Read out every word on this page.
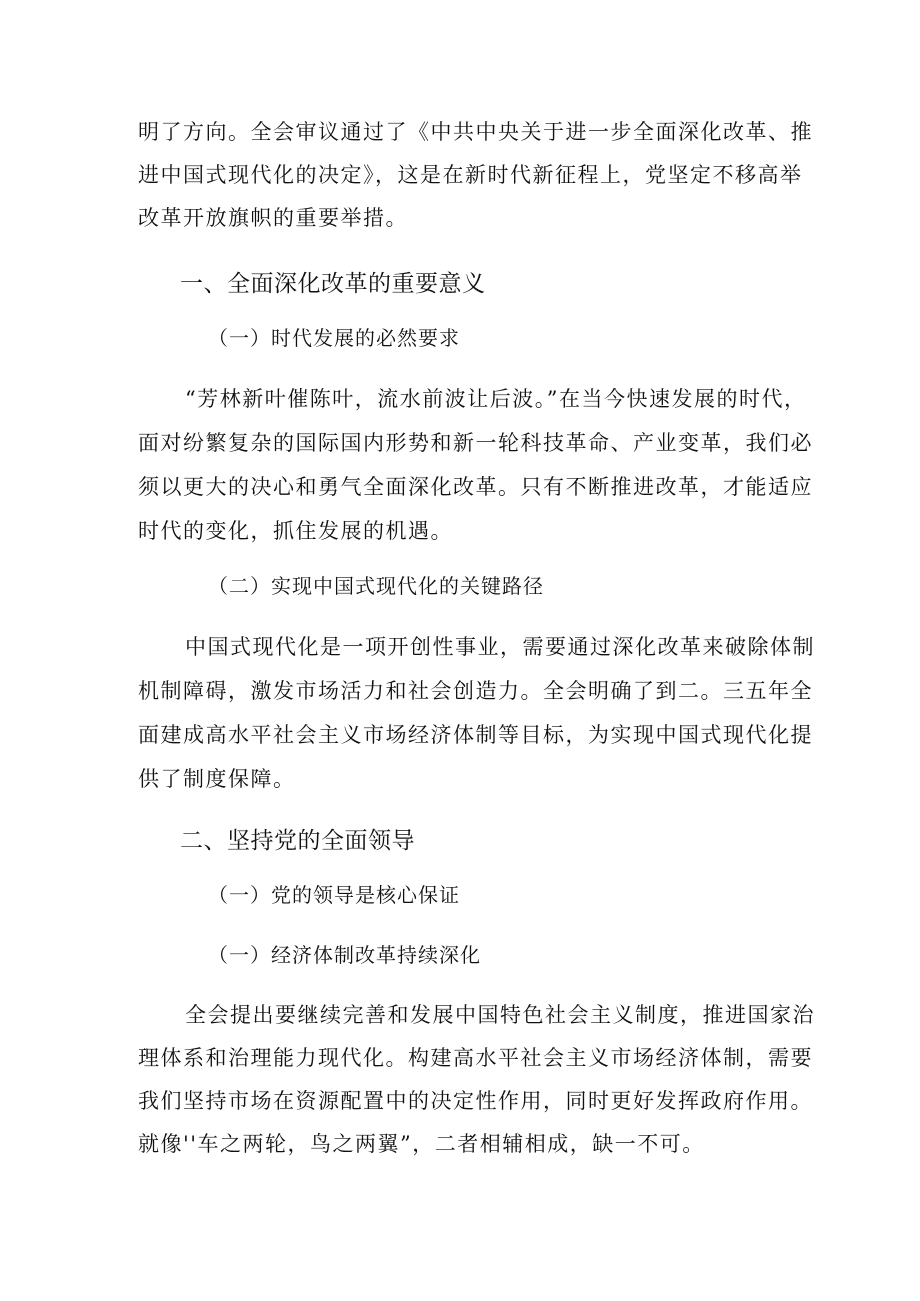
明了方向。全会审议通过了《中共中央关于进一步全面深化改革、推
进中国式现代化的决定》，这是在新时代新征程上，党坚定不移高举
改革开放旗帜的重要举措。
一、全面深化改革的重要意义
（一）时代发展的必然要求
“芳林新叶催陈叶，流水前波让后波。”在当今快速发展的时代，
面对纷繁复杂的国际国内形势和新一轮科技革命、产业变革，我们必
须以更大的决心和勇气全面深化改革。只有不断推进改革，才能适应
时代的变化，抓住发展的机遇。
（二）实现中国式现代化的关键路径
中国式现代化是一项开创性事业，需要通过深化改革来破除体制
机制障碍，激发市场活力和社会创造力。全会明确了到二。三五年全
面建成高水平社会主义市场经济体制等目标，为实现中国式现代化提
供了制度保障。
二、坚持党的全面领导
（一）党的领导是核心保证
（一）经济体制改革持续深化
全会提出要继续完善和发展中国特色社会主义制度，推进国家治
理体系和治理能力现代化。构建高水平社会主义市场经济体制，需要
我们坚持市场在资源配置中的决定性作用，同时更好发挥政府作用。
就像''车之两轮，鸟之两翼”，二者相辅相成，缺一不可。
